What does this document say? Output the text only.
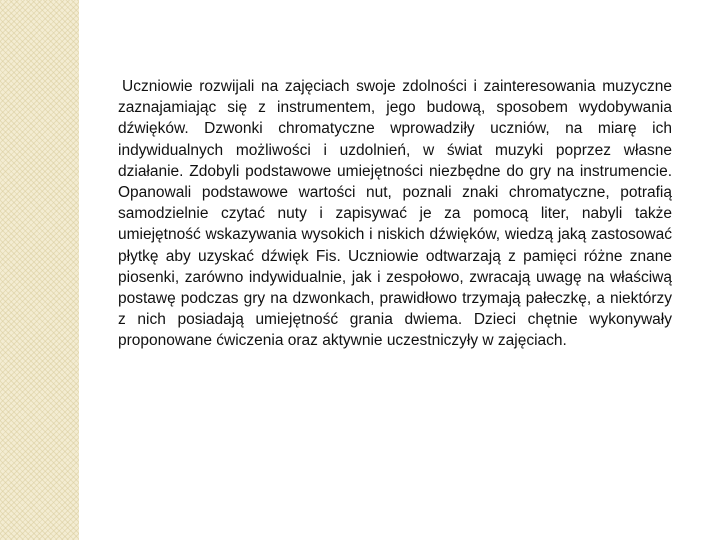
Uczniowie rozwijali na zajęciach swoje zdolności i zainteresowania muzyczne zaznajamiając się z instrumentem, jego budową, sposobem wydobywania dźwięków. Dzwonki chromatyczne wprowadziły uczniów, na miarę ich indywidualnych możliwości i uzdolnień, w świat muzyki poprzez własne działanie. Zdobyli podstawowe umiejętności niezbędne do gry na instrumencie. Opanowali podstawowe wartości nut, poznali znaki chromatyczne, potrafią samodzielnie czytać nuty i zapisywać je za pomocą liter, nabyli także umiejętność wskazywania wysokich i niskich dźwięków, wiedzą jaką zastosować płytkę aby uzyskać dźwięk Fis. Uczniowie odtwarzają z pamięci różne znane piosenki, zarówno indywidualnie, jak i zespołowo, zwracają uwagę na właściwą postawę podczas gry na dzwonkach, prawidłowo trzymają pałeczkę, a niektórzy z nich posiadają umiejętność grania dwiema. Dzieci chętnie wykonywały proponowane ćwiczenia oraz aktywnie uczestniczyły w zajęciach.
